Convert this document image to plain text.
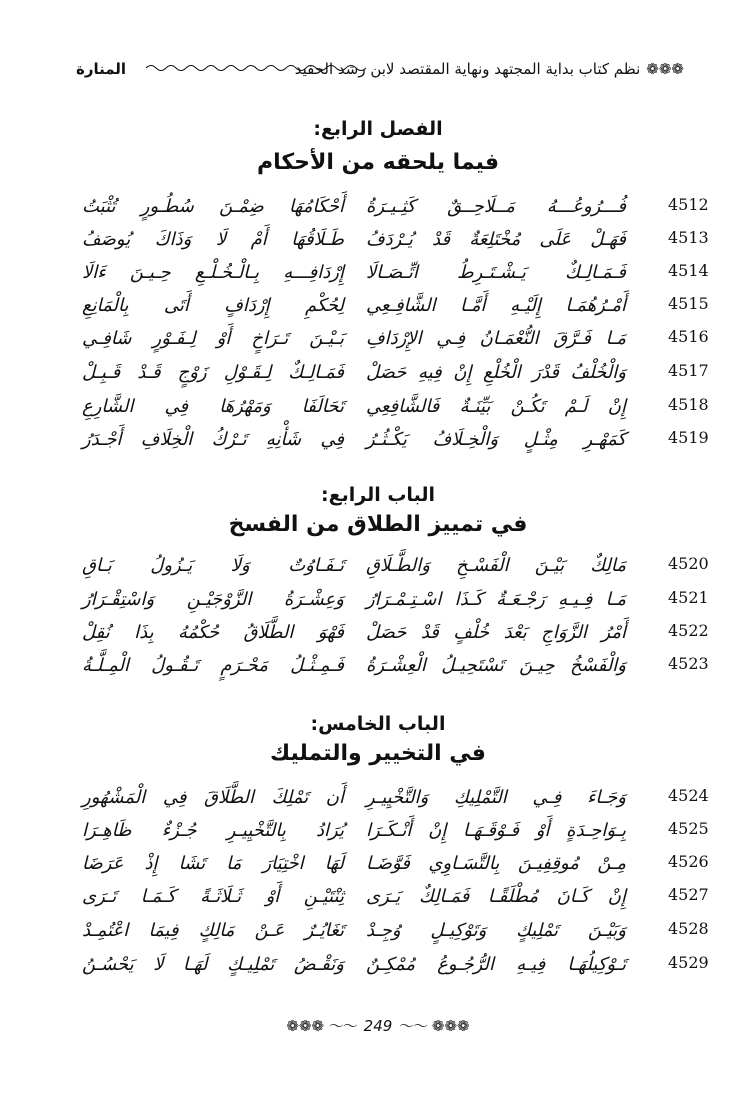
❁❁❁نظم كتاب بداية المجتهد ونهاية المقتصد لابن رشد الحفيد
المنارة
الفصل الرابع:
فيما يلحقه من الأحكام
4512
فُـــرُوعُـــهُ مَــلَاحِــقٌ كَثِـيـرَةُ
أَحْكَامُهَا ضِمْـنَ سُطُـورٍ تُثْبَتُ
4513
فَهَـلْ عَلَى مُخْتَلِعَةٌ قَدْ يُـرْدَفُ
طَـلَاقُهَا أَمْ لَا وَذَاكَ يُوصَفُ
4514
فَـمَـالِـكٌ يَـشْـتَـرِطُ اتِّـصَـالَا
إِرْدَافِـــهِ بِـالْـخُـلْـعِ حِـيـنَ ءَالَا
4515
أَمْـرُهُمَـا إِلَيْـهِ أَمَّـا الشَّافِـعِي
لِحُكْمِ إِرْدَافٍ أَتَى بِالْمَانِعِ
4516
مَـا فَـرَّقَ النُّعْمَـانُ فِـي الإِرْدَافِ
بَـيْـنَ تَـرَاخٍ أَوْ لِـفَـوْرٍ شَافِـي
4517
وَالْخُلْفُ قَدْرَ الْخُلْعِ إِنْ فِيهِ حَصَلْ
فَمَـالِـكٌ لِـقَـوْلِ زَوْجٍ قَـدْ قَـبِـلْ
4518
إِنْ لَـمْ تَكُـنْ بَيِّنَـةٌ فَالشَّافِعِي
تَحَالَفَا وَمَهْرُهَا فِي الشَّارِعِ
4519
كَمَهْـرِ مِثْـلٍ وَالْخِـلَافُ يَكْـثُـرُ
فِي شَأْنِهِ تَـرْكُ الْخِلَافِ أَجْـدَرُ
الباب الرابع:
في تمييز الطلاق من الفسخ
4520
مَالِكٌ بَيْـنَ الْفَسْـخِ وَالطَّـلَاقِ
تَـفَـاوُتٌ وَلَا يَـزُولُ بَـاقِ
4521
مَـا فِـيـهِ رَجْـعَـةٌ كَـذَا اسْـتِـمْـرَارُ
وَعِشْـرَةُ الزَّوْجَيْـنِ وَاسْتِقْـرَارُ
4522
أَمْرُ الزَّوَاجِ بَعْدَ خُلْفٍ قَدْ حَصَلْ
فَهْوَ الطَّلَاقُ حُكْمُهُ بِذَا نُقِلْ
4523
وَالْفَسْخُ حِيـنَ تَسْتَحِيـلُ الْعِشْـرَةُ
فَـمِـثْـلُ مَحْـرَمٍ تَـقُـولُ الْمِـلَّـةُ
الباب الخامس:
في التخيير والتمليك
4524
وَجَـاءَ فِـي التَّمْلِيكِ وَالتَّخْيِيـرِ
أَن تَمْلِكَ الطَّلَاقَ فِي الْمَشْهُورِ
4525
بِـوَاحِـدَةٍ أَوْ فَـوْقَـهَـا إِنْ أَنْـكَـرَا
يُرَادُ بِالتَّخْيِيـرِ جُـزْءٌ ظَاهِـرَا
4526
مِـنْ مُوقِفِيـنَ بِالتَّسَـاوِي فَوَّضَـا
لَهَا اخْتِيَارَ مَا تَشَا إِذْ عَرَضَا
4527
إِنْ كَـانَ مُطْلَقًـا فَمَـالِكٌ يَـرَى
ثِنْتَيْـنِ أَوْ ثَـلَاثَـةً كَـمَـا تَـرَى
4528
وَبَيْـنَ تَمْلِيكٍ وَتَوْكِيـلٍ وُجِـدْ
تَغَايُـرٌ عَـنْ مَالِكٍ فِيمَا اعْتُمِـدْ
4529
تَـوْكِيلُهَـا فِيـهِ الرُّجُـوعُ مُمْكِـنٌ
وَنَقْـضُ تَمْلِيـكٍ لَهَـا لَا يَحْسُـنُ
❁❁❁ 〜〜 249 〜〜 ❁❁❁
